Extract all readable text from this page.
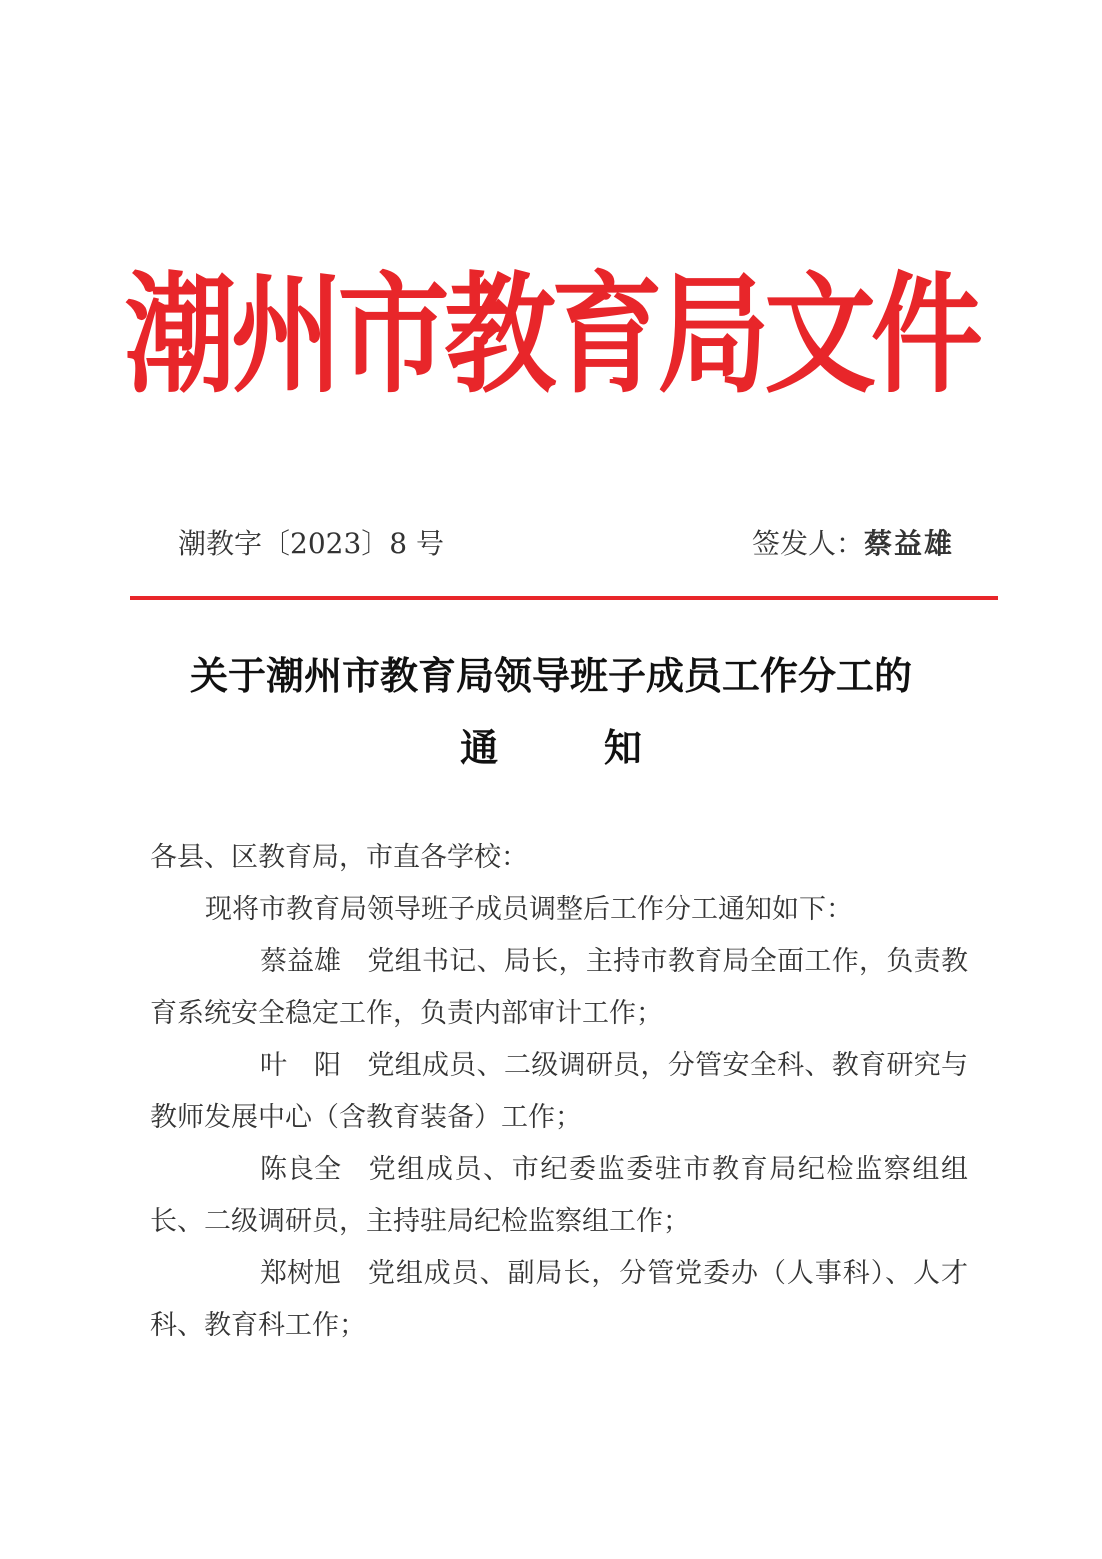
潮州市教育局文件
潮教字〔2023〕8 号	签发人：蔡益雄
关于潮州市教育局领导班子成员工作分工的
通        知

各县、区教育局，市直各学校：

现将市教育局领导班子成员调整后工作分工通知如下：

蔡益雄 党组书记、局长，主持市教育局全面工作，负责教育系统安全稳定工作，负责内部审计工作；

叶　阳 党组成员、二级调研员，分管安全科、教育研究与教师发展中心（含教育装备）工作；

陈良全 党组成员、市纪委监委驻市教育局纪检监察组组长、二级调研员，主持驻局纪检监察组工作；

郑树旭 党组成员、副局长，分管党委办（人事科）、人才科、教育科工作；
